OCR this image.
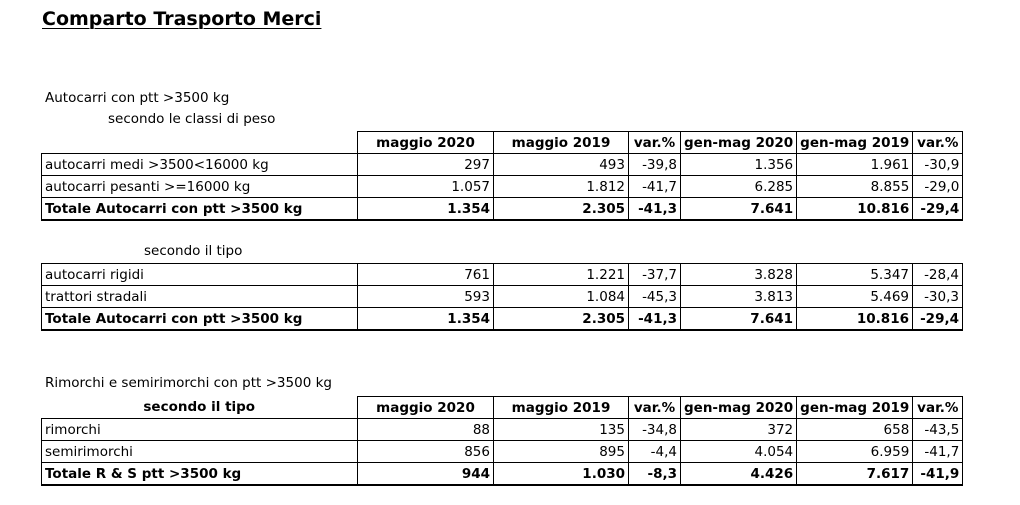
Comparto Trasporto Merci
Autocarri con ptt >3500 kg
secondo le classi di peso
	maggio 2020	maggio 2019	var.%	gen-mag 2020	gen-mag 2019	var.%
autocarri medi >3500<16000 kg	297	493	-39,8	1.356	1.961	-30,9
autocarri pesanti >=16000 kg	1.057	1.812	-41,7	6.285	8.855	-29,0
Totale Autocarri con ptt >3500 kg	1.354	2.305	-41,3	7.641	10.816	-29,4
secondo il tipo
autocarri rigidi	761	1.221	-37,7	3.828	5.347	-28,4
trattori stradali	593	1.084	-45,3	3.813	5.469	-30,3
Totale Autocarri con ptt >3500 kg	1.354	2.305	-41,3	7.641	10.816	-29,4
Rimorchi e semirimorchi con ptt >3500 kg
secondo il tipo	maggio 2020	maggio 2019	var.%	gen-mag 2020	gen-mag 2019	var.%
rimorchi	88	135	-34,8	372	658	-43,5
semirimorchi	856	895	-4,4	4.054	6.959	-41,7
Totale R & S ptt >3500 kg	944	1.030	-8,3	4.426	7.617	-41,9
